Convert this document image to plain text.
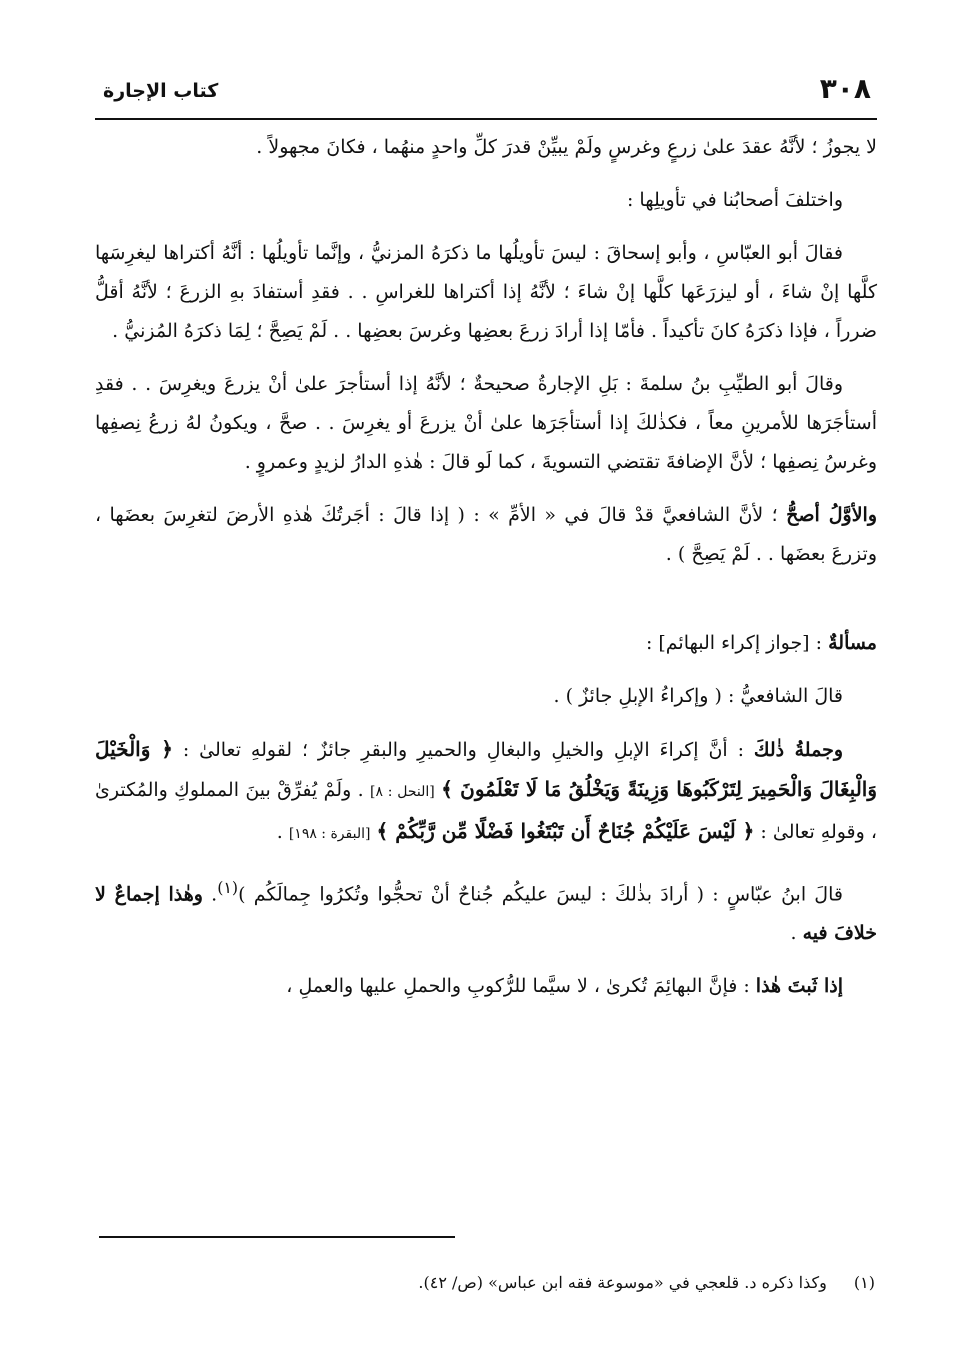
٣٠٨
كتاب الإجارة

لا يجوزُ ؛ لأنَّهُ عقدَ علىٰ زرعٍ وغرسٍ ولَمْ يبيِّنْ قدرَ كلِّ واحدٍ منهُما ، فكانَ مجهولاً .

واختلفَ أصحابُنا في تأويلِها :

فقالَ أبو العبّاسِ ، وأبو إسحاقَ : ليسَ تأويلُها ما ذكرَهُ المزنيُّ ، وإنَّما تأويلُها : أنَّهُ أكتراها ليغرِسَها كلَّها إنْ شاءَ ، أو ليزرَعَها كلَّها إنْ شاءَ ؛ لأنَّهُ إذا أكتراها للغراسِ . . فقدِ أستفادَ بهِ الزرعَ ؛ لأنَّهُ أقلُّ ضرراً ، فإذا ذكرَهُ كانَ تأكيداً . فأمّا إذا أرادَ زرعَ بعضِها وغرسَ بعضِها . . لَمْ يَصِحَّ ؛ لِمَا ذكرَهُ المُزنيُّ .

وقالَ أبو الطيِّبِ بنُ سلمةَ : بَلِ الإجارةُ صحيحةٌ ؛ لأنَّهُ إذا أستأجرَ علىٰ أنْ يزرعَ ويغرِسَ . . فقدِ أستأجَرَها للأمرينِ معاً ، فكذٰلكَ إذا أستأجَرَها علىٰ أنْ يزرعَ أو يغرِسَ . . صحَّ ، ويكونُ لهُ زرعُ نِصفِها وغرسُ نِصفِها ؛ لأنَّ الإضافةَ تقتضي التسويةَ ، كما لَو قالَ : هٰذهِ الدارُ لزيدٍ وعمروٍ .

والأوَّلُ أصحُّ ؛ لأنَّ الشافعيَّ قدْ قالَ في « الأمِّ » : ( إذا قالَ : أجَرتُكَ هٰذهِ الأرضَ لتغرِسَ بعضَها ، وتزرعَ بعضَها . . لَمْ يَصِحَّ ) .

مسألةٌ : [جواز إكراء البهائم] :

قالَ الشافعيُّ : ( وإكراءُ الإبلِ جائزٌ ) .

وجملةُ ذٰلكَ : أنَّ إكراءَ الإبلِ والخيلِ والبغالِ والحميرِ والبقرِ جائزٌ ؛ لقولهِ تعالىٰ : ﴿ وَالْخَيْلَ وَالْبِغَالَ وَالْحَمِيرَ لِتَرْكَبُوهَا وَزِينَةً وَيَخْلُقُ مَا لَا تَعْلَمُونَ ﴾ [النحل : ٨] . ولَمْ يُفرِّقْ بينَ المملوكِ والمُكترىٰ ، وقولهِ تعالىٰ : ﴿ لَيْسَ عَلَيْكُمْ جُنَاحٌ أَن تَبْتَغُوا فَضْلًا مِّن رَّبِّكُمْ ﴾ [البقرة : ١٩٨] .

قالَ ابنُ عبّاسٍ : ( أرادَ بذٰلكَ : ليسَ عليكُم جُناحٌ أنْ تحجُّوا وتُكرُوا جِمالَكُم )$^{(١)}$. وهٰذا إجماعٌ لا خلافَ فيه .

إذا ثَبتَ هٰذا : فإنَّ البهائِمَ تُكرىٰ ، لا سيَّما للرُّكوبِ والحملِ عليها والعملِ ،

(١) وكذا ذكره د. قلعجي في «موسوعة فقه ابن عباس» (ص/ ٤٢).
